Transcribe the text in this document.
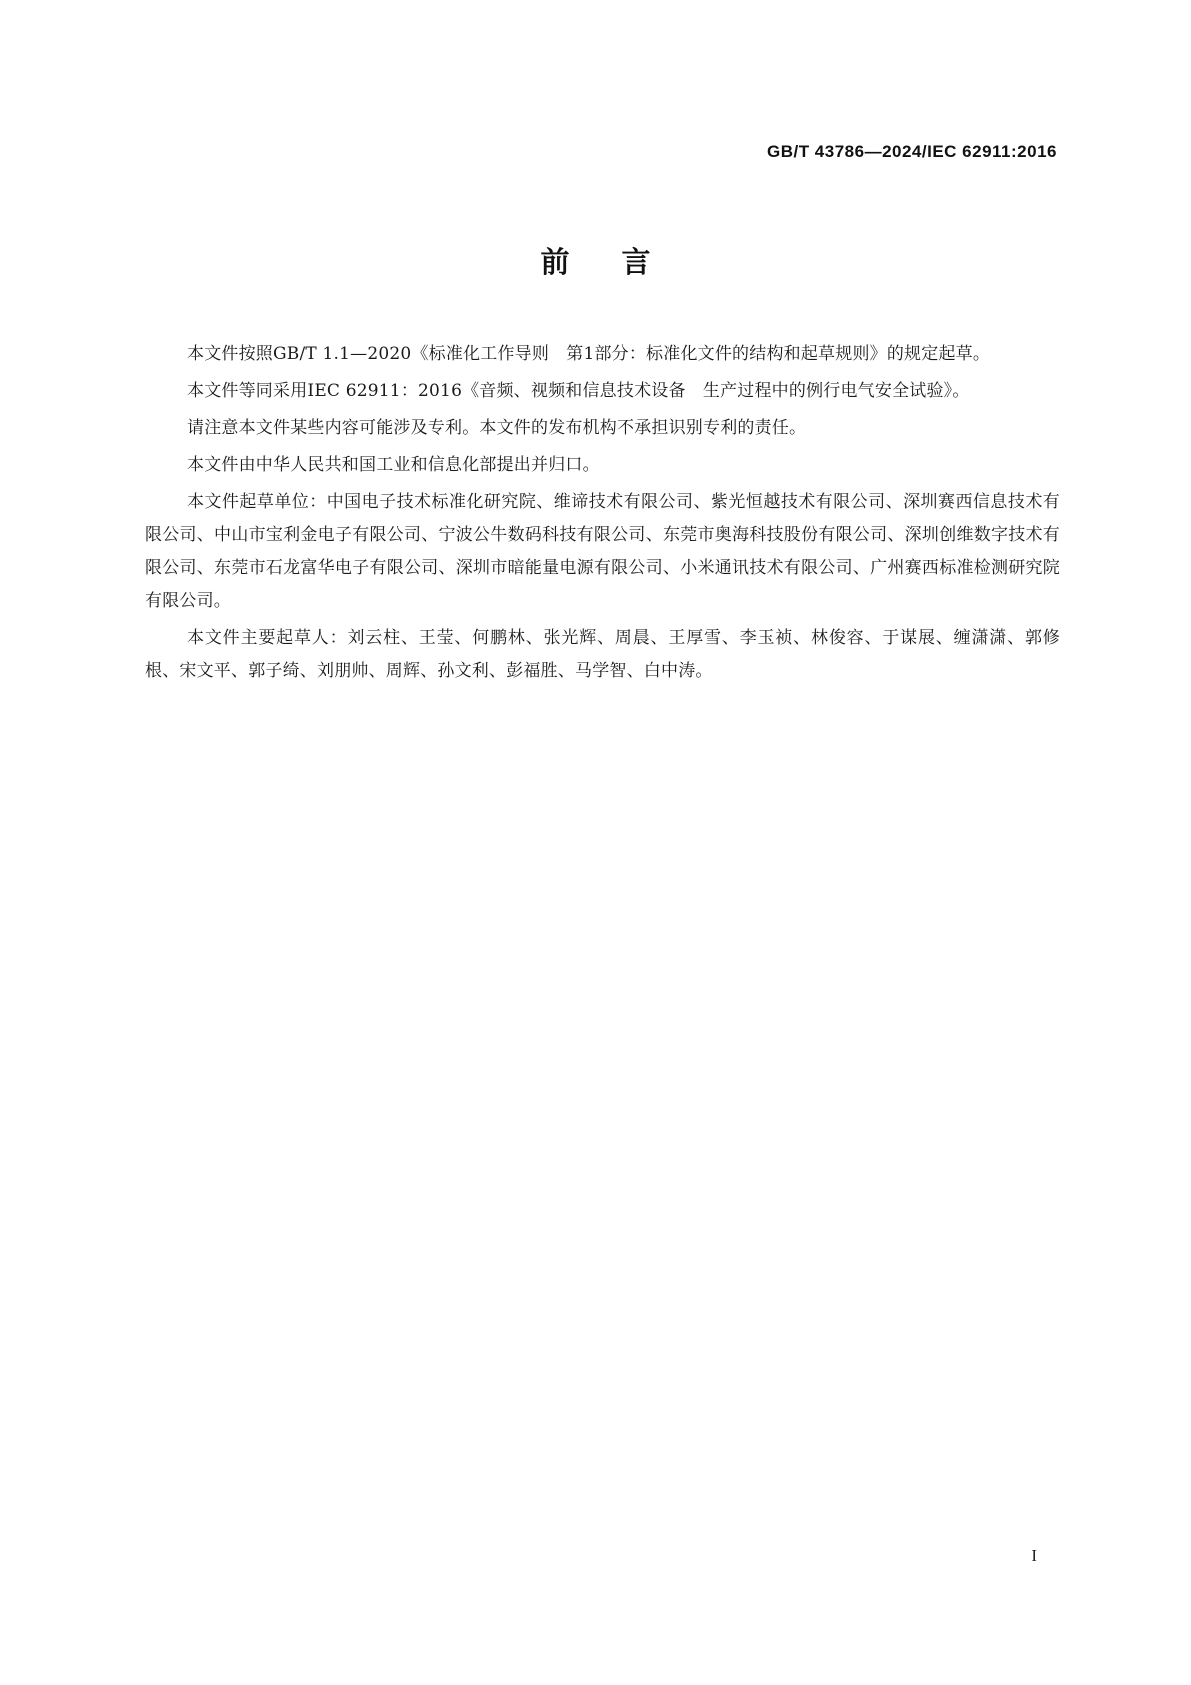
GB/T 43786—2024/IEC 62911:2016
前言

本文件按照GB/T 1.1—2020《标准化工作导则　第1部分：标准化文件的结构和起草规则》的规定起草。

本文件等同采用IEC 62911：2016《音频、视频和信息技术设备　生产过程中的例行电气安全试验》。

请注意本文件某些内容可能涉及专利。本文件的发布机构不承担识别专利的责任。

本文件由中华人民共和国工业和信息化部提出并归口。

本文件起草单位：中国电子技术标准化研究院、维谛技术有限公司、紫光恒越技术有限公司、深圳赛西信息技术有限公司、中山市宝利金电子有限公司、宁波公牛数码科技有限公司、东莞市奥海科技股份有限公司、深圳创维数字技术有限公司、东莞市石龙富华电子有限公司、深圳市暗能量电源有限公司、小米通讯技术有限公司、广州赛西标准检测研究院有限公司。

本文件主要起草人：刘云柱、王莹、何鹏林、张光辉、周晨、王厚雪、李玉祯、林俊容、于谋展、缠潇潇、郭修根、宋文平、郭子绮、刘朋帅、周辉、孙文利、彭福胜、马学智、白中涛。

I
